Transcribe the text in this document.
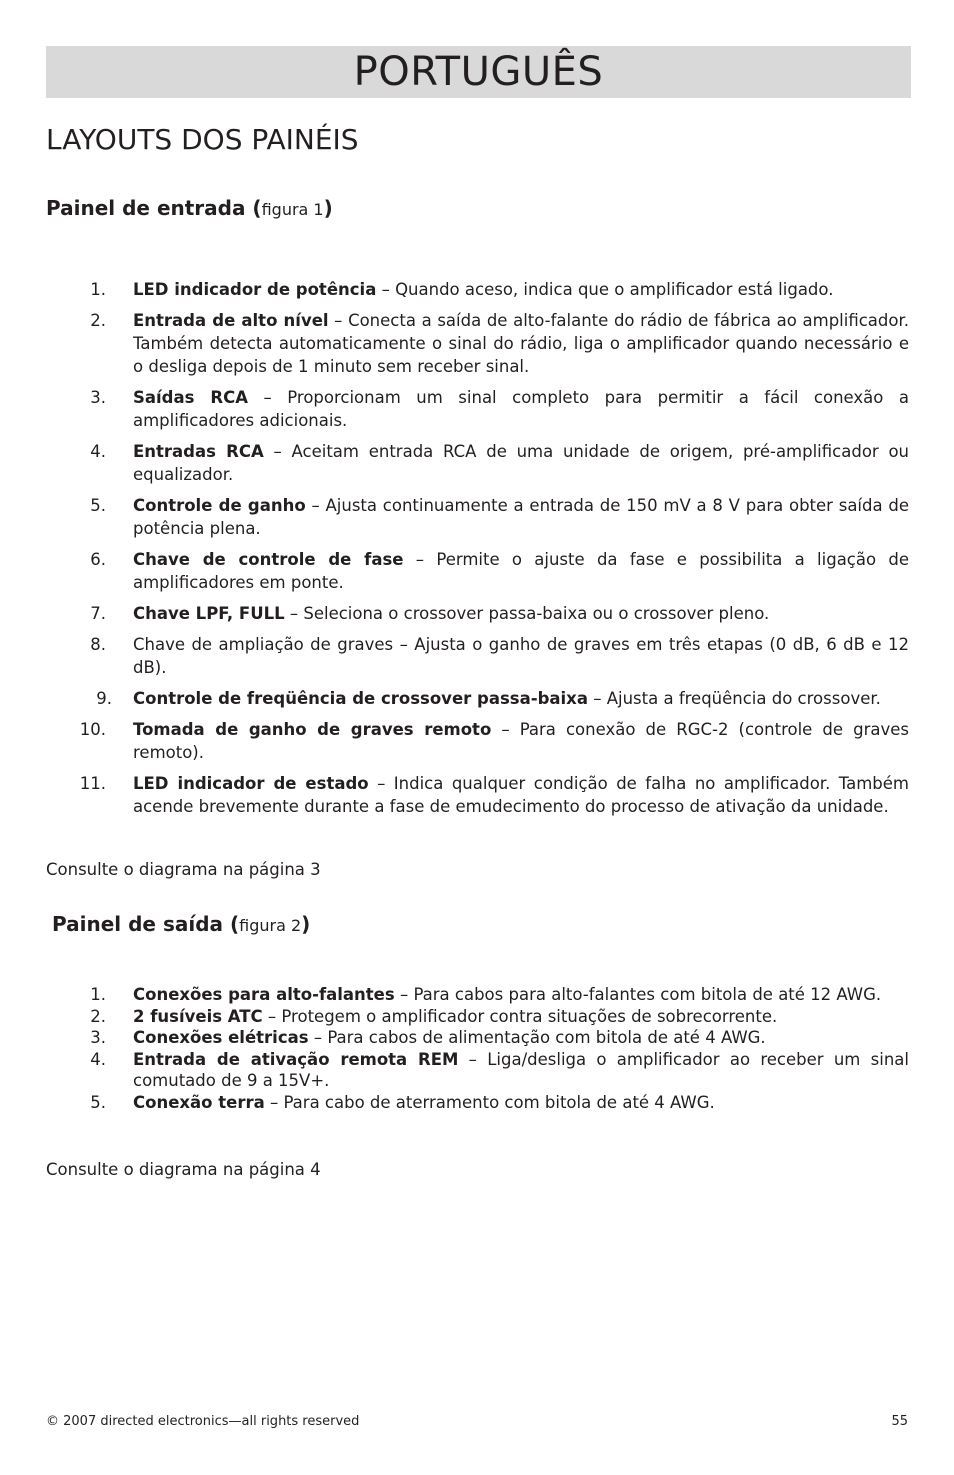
PORTUGUÊS
LAYOUTS DOS PAINÉIS
Painel de entrada (figura 1)
1. LED indicador de potência – Quando aceso, indica que o amplificador está ligado.
2. Entrada de alto nível – Conecta a saída de alto-falante do rádio de fábrica ao amplificador. Também detecta automaticamente o sinal do rádio, liga o amplificador quando necessário e o desliga depois de 1 minuto sem receber sinal.
3. Saídas RCA – Proporcionam um sinal completo para permitir a fácil conexão a amplificadores adicionais.
4. Entradas RCA – Aceitam entrada RCA de uma unidade de origem, pré-amplificador ou equalizador.
5. Controle de ganho – Ajusta continuamente a entrada de 150 mV a 8 V para obter saída de potência plena.
6. Chave de controle de fase – Permite o ajuste da fase e possibilita a ligação de amplificadores em ponte.
7. Chave LPF, FULL – Seleciona o crossover passa-baixa ou o crossover pleno.
8. Chave de ampliação de graves – Ajusta o ganho de graves em três etapas (0 dB, 6 dB e 12 dB).
9. Controle de freqüência de crossover passa-baixa – Ajusta a freqüência do crossover.
10. Tomada de ganho de graves remoto – Para conexão de RGC-2 (controle de graves remoto).
11. LED indicador de estado – Indica qualquer condição de falha no amplificador. Também acende brevemente durante a fase de emudecimento do processo de ativação da unidade.

Consulte o diagrama na página 3

Painel de saída (figura 2)
1. Conexões para alto-falantes – Para cabos para alto-falantes com bitola de até 12 AWG.
2. 2 fusíveis ATC – Protegem o amplificador contra situações de sobrecorrente.
3. Conexões elétricas – Para cabos de alimentação com bitola de até 4 AWG.
4. Entrada de ativação remota REM – Liga/desliga o amplificador ao receber um sinal comutado de 9 a 15V+.
5. Conexão terra – Para cabo de aterramento com bitola de até 4 AWG.

Consulte o diagrama na página 4

© 2007 directed electronics—all rights reserved	55
